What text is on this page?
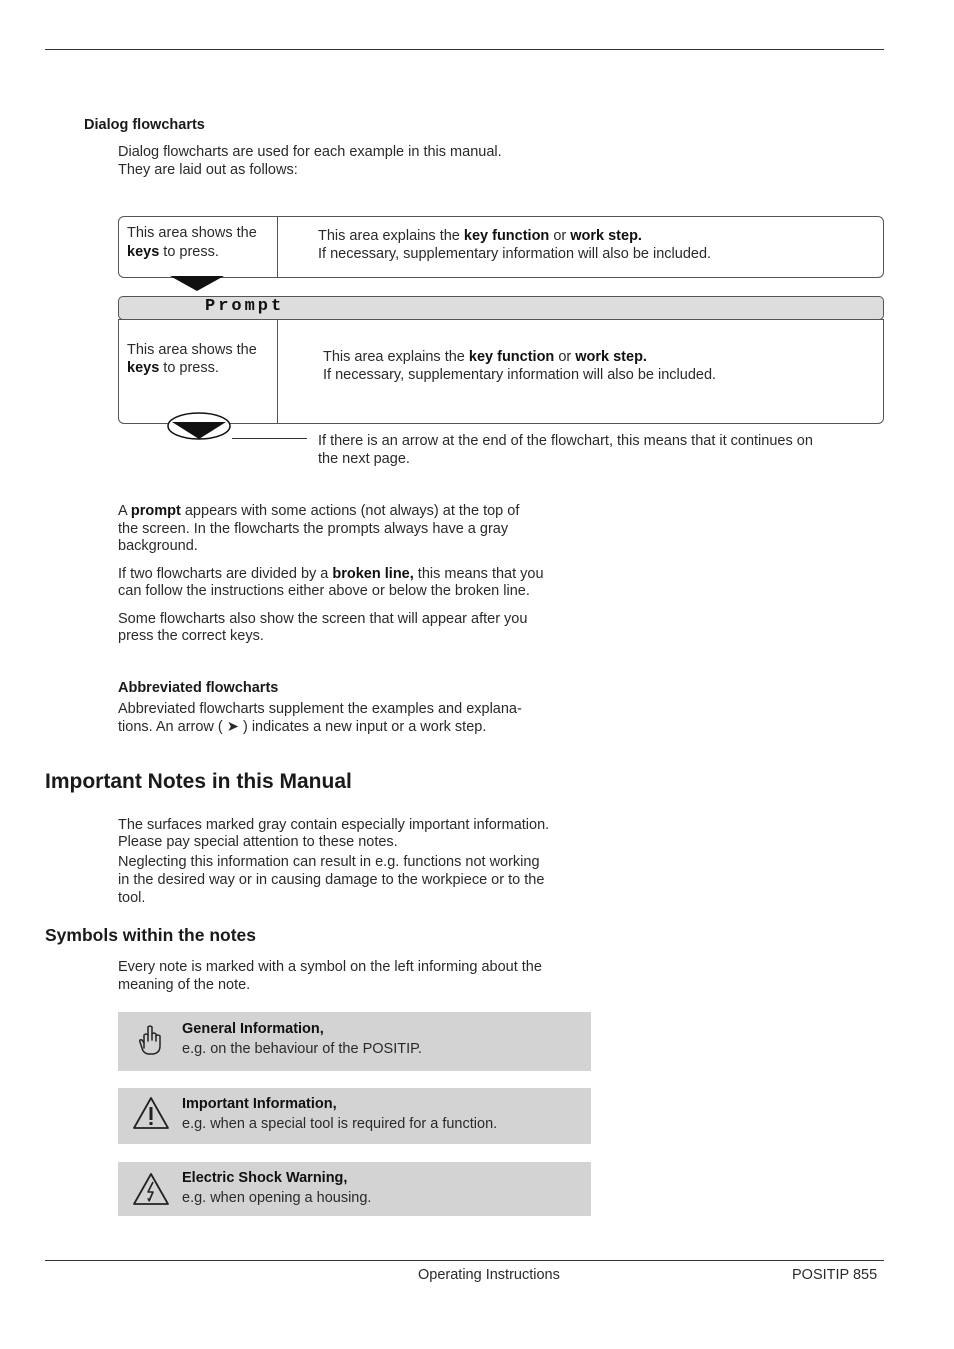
Dialog flowcharts
Dialog flowcharts are used for each example in this manual.
They are laid out as follows:
This area shows the
keys to press.
This area explains the key function or work step.
If necessary, supplementary information will also be included.
Prompt
This area shows the
keys to press.
This area explains the key function or work step.
If necessary, supplementary information will also be included.
If there is an arrow at the end of the flowchart, this means that it continues on
the next page.
A prompt appears with some actions (not always) at the top of
the screen. In the flowcharts the prompts always have a gray
background.
If two flowcharts are divided by a broken line, this means that you
can follow the instructions either above or below the broken line.
Some flowcharts also show the screen that will appear after you
press the correct keys.
Abbreviated flowcharts
Abbreviated flowcharts supplement the examples and explana-
tions. An arrow ( ➤ ) indicates a new input or a work step.
Important Notes in this Manual
The surfaces marked gray contain especially important information.
Please pay special attention to these notes.
Neglecting this information can result in e.g. functions not working
in the desired way or in causing damage to the workpiece or to the
tool.
Symbols within the notes
Every note is marked with a symbol on the left informing about the
meaning of the note.
General Information,
e.g. on the behaviour of the POSITIP.
Important Information,
e.g. when a special tool is required for a function.
Electric Shock Warning,
e.g. when opening a housing.
Operating Instructions	POSITIP 855
